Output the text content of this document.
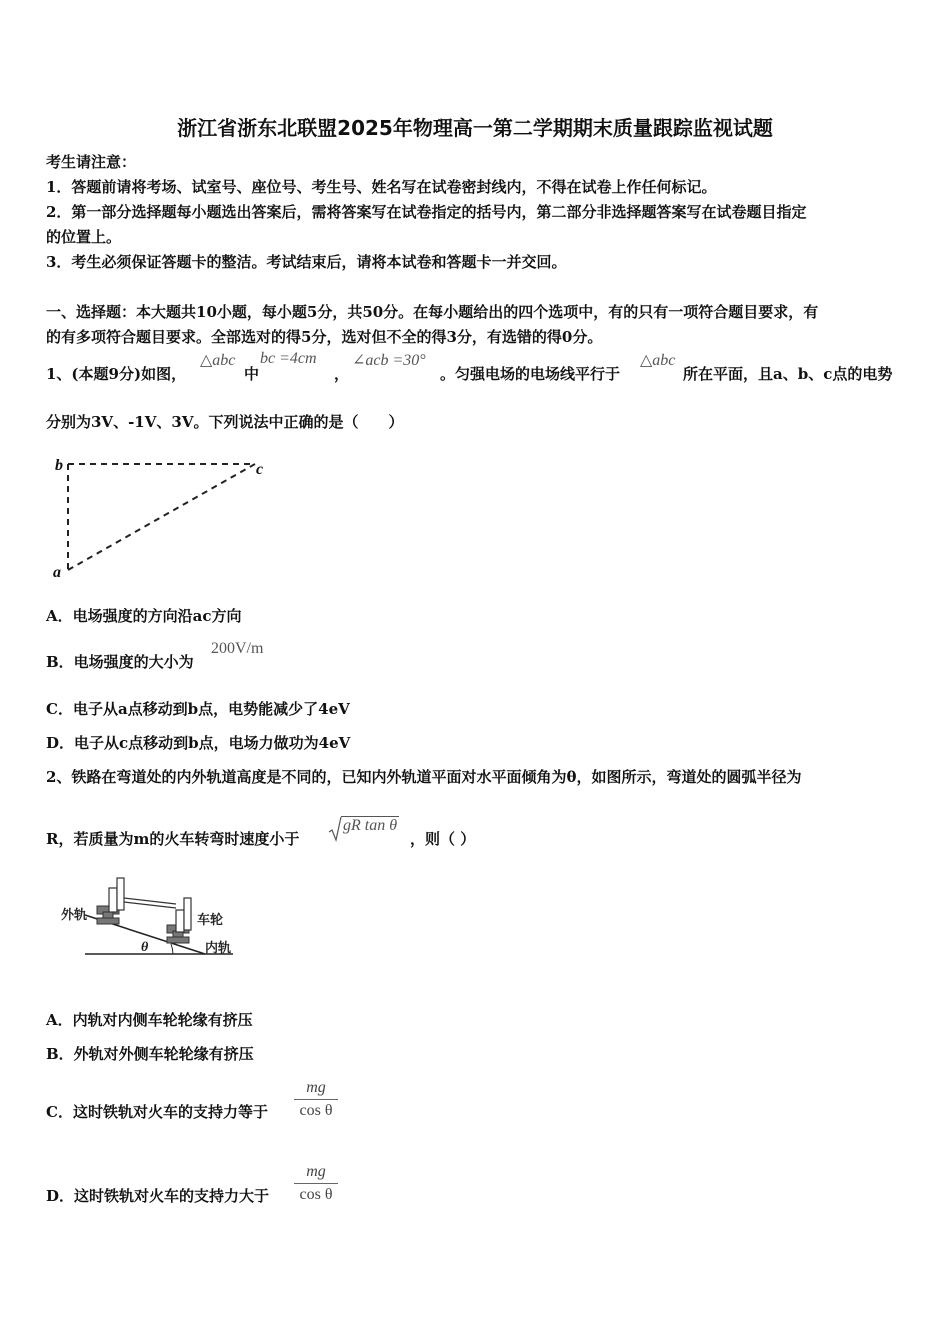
浙江省浙东北联盟2025年物理高一第二学期期末质量跟踪监视试题
考生请注意：
1．答题前请将考场、试室号、座位号、考生号、姓名写在试卷密封线内，不得在试卷上作任何标记。
2．第一部分选择题每小题选出答案后，需将答案写在试卷指定的括号内，第二部分非选择题答案写在试卷题目指定
的位置上。
3．考生必须保证答题卡的整洁。考试结束后，请将本试卷和答题卡一并交回。
一、选择题：本大题共10小题，每小题5分，共50分。在每小题给出的四个选项中，有的只有一项符合题目要求，有
的有多项符合题目要求。全部选对的得5分，选对但不全的得3分，有选错的得0分。
1、(本题9分)如图，
△abc
中
bc =4cm
，
∠acb =30°
。匀强电场的电场线平行于
△abc
所在平面，且a、b、c点的电势
分别为3V、-1V、3V。下列说法中正确的是（　　）
b	c
a
A．电场强度的方向沿ac方向
B．电场强度的大小为
200V/m
C．电子从a点移动到b点，电势能减少了4eV
D．电子从c点移动到b点，电场力做功为4eV
2、铁路在弯道处的内外轨道高度是不同的，已知内外轨道平面对水平面倾角为θ，如图所示，弯道处的圆弧半径为
R，若质量为m的火车转弯时速度小于
gR tan θ
，则（ ）
外轨	车轮
内轨
θ
A．内轨对内侧车轮轮缘有挤压
B．外轨对外侧车轮轮缘有挤压
C．这时铁轨对火车的支持力等于
mg
cos θ
D．这时铁轨对火车的支持力大于
mg
cos θ
